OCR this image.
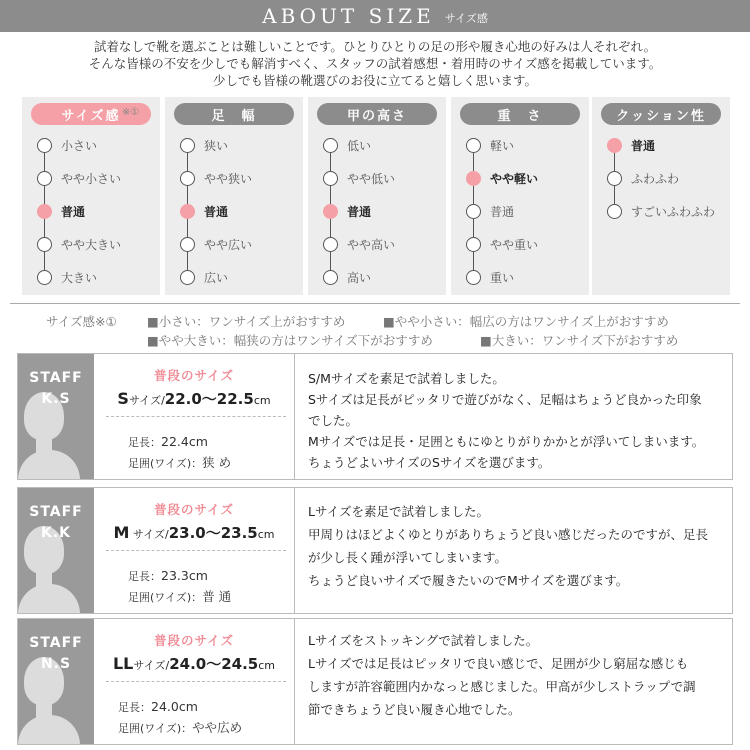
ABOUT SIZE サイズ感
試着なしで靴を選ぶことは難しいことです。ひとりひとりの足の形や履き心地の好みは人それぞれ。
そんな皆様の不安を少しでも解消すべく、スタッフの試着感想・着用時のサイズ感を掲載しています。
少しでも皆様の靴選びのお役に立てると嬉しく思います。
サイズ感 ※①
小さい
やや小さい
普通
やや大きい
大きい
足　幅
狭い
やや狭い
普通
やや広い
広い
甲の高さ
低い
やや低い
普通
やや高い
高い
重　さ
軽い
やや軽い
普通
やや重い
重い
クッション性
普通
ふわふわ
すごいふわふわ
サイズ感※① ■小さい：ワンサイズ上がおすすめ	■やや小さい：幅広の方はワンサイズ上がおすすめ
■やや大きい：幅狭の方はワンサイズ下がおすすめ	■大きい：ワンサイズ下がおすすめ
STAFF
K.S
普段のサイズ
Sサイズ/22.0〜22.5cm
足長：22.4cm
足囲(ワイズ)：狭 め
S/Mサイズを素足で試着しました。
Sサイズは足長がピッタリで遊びがなく、足幅はちょうど良かった印象
でした。
Mサイズでは足長・足囲ともにゆとりがりかかとが浮いてしまいます。
ちょうどよいサイズのSサイズを選びます。
STAFF
K.K
普段のサイズ
M サイズ/23.0〜23.5cm
足長：23.3cm
足囲(ワイズ)：普 通
Lサイズを素足で試着しました。
甲周りはほどよくゆとりがありちょうど良い感じだったのですが、足長
が少し長く踵が浮いてしまいます。
ちょうど良いサイズで履きたいのでMサイズを選びます。
STAFF
N.S
普段のサイズ
LLサイズ/24.0〜24.5cm
足長：24.0cm
足囲(ワイズ)：やや広め
Lサイズをストッキングで試着しました。
Lサイズでは足長はピッタリで良い感じで、足囲が少し窮屈な感じも
しますが許容範囲内かなっと感じました。甲高が少しストラップで調
節できちょうど良い履き心地でした。
